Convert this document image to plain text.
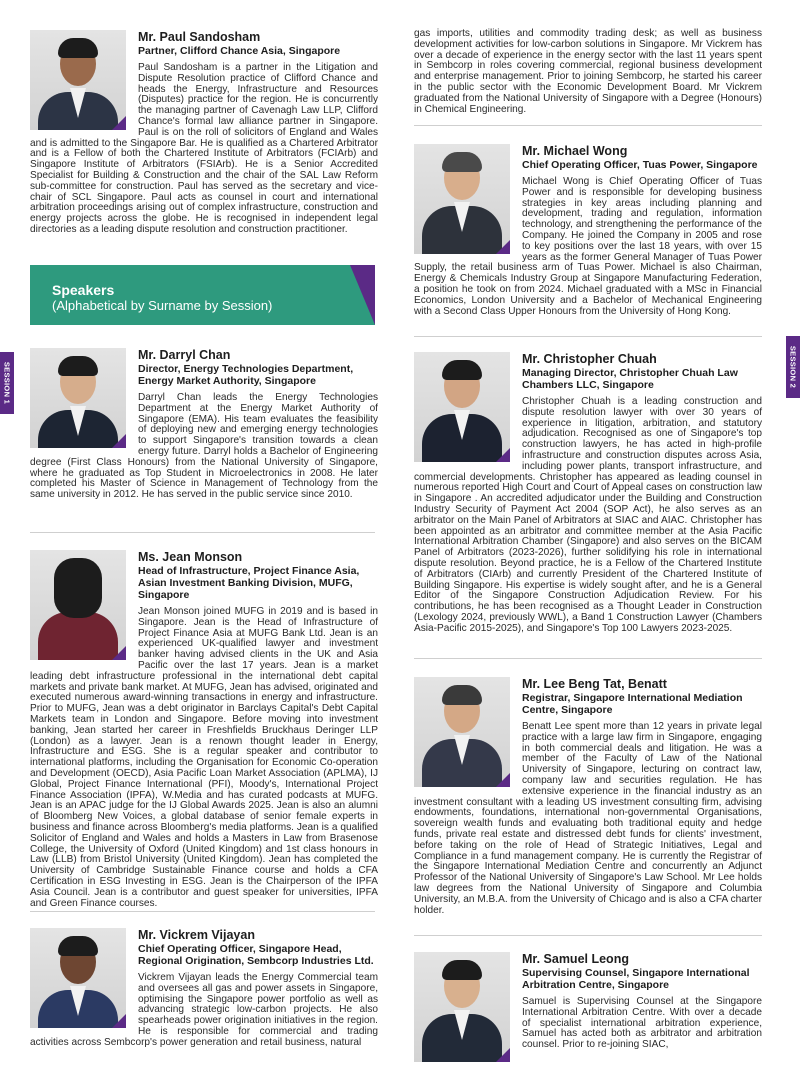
SESSION 1	SESSION 2
Speakers
(Alphabetical by Surname by Session)

Mr. Paul Sandosham

Partner, Clifford Chance Asia, Singapore

Paul Sandosham is a partner in the Litigation and Dispute Resolution practice of Clifford Chance and heads the Energy, Infrastructure and Resources (Disputes) practice for the region. He is concurrently the managing partner of Cavenagh Law LLP, Clifford Chance's formal law alliance partner in Singapore. Paul is on the roll of solicitors of England and Wales and is admitted to the Singapore Bar. He is qualified as a Chartered Arbitrator and is a Fellow of both the Chartered Institute of Arbitrators (FCIArb) and Singapore Institute of Arbitrators (FSIArb). He is a Senior Accredited Specialist for Building & Construction and the chair of the SAL Law Reform sub-committee for construction. Paul has served as the secretary and vice-chair of SCL Singapore. Paul acts as counsel in court and international arbitration proceedings arising out of complex infrastructure, construction and energy projects across the globe. He is recognised in independent legal directories as a leading dispute resolution and construction practitioner.

Mr. Darryl Chan

Director, Energy Technologies Department, Energy Market Authority, Singapore

Darryl Chan leads the Energy Technologies Department at the Energy Market Authority of Singapore (EMA). His team evaluates the feasibility of deploying new and emerging energy technologies to support Singapore's transition towards a clean energy future. Darryl holds a Bachelor of Engineering degree (First Class Honours) from the National University of Singapore, where he graduated as Top Student in Microelectronics in 2008. He later completed his Master of Science in Management of Technology from the same university in 2012. He has served in the public service since 2010.

Ms. Jean Monson

Head of Infrastructure, Project Finance Asia, Asian Investment Banking Division, MUFG, Singapore

Jean Monson joined MUFG in 2019 and is based in Singapore. Jean is the Head of Infrastructure of Project Finance Asia at MUFG Bank Ltd. Jean is an experienced UK-qualified lawyer and investment banker having advised clients in the UK and Asia Pacific over the last 17 years. Jean is a market leading debt infrastructure professional in the international debt capital markets and private bank market. At MUFG, Jean has advised, originated and executed numerous award-winning transactions in energy and infrastructure. Prior to MUFG, Jean was a debt originator in Barclays Capital's Debt Capital Markets team in London and Singapore. Before moving into investment banking, Jean started her career in Freshfields Bruckhaus Deringer LLP (London) as a lawyer. Jean is a renown thought leader in Energy, Infrastructure and ESG. She is a regular speaker and contributor to international platforms, including the Organisation for Economic Co-operation and Development (OECD), Asia Pacific Loan Market Association (APLMA), IJ Global, Project Finance International (PFI), Moody's, International Project Finance Association (IPFA), W.Media and has curated podcasts at MUFG. Jean is an APAC judge for the IJ Global Awards 2025. Jean is also an alumni of Bloomberg New Voices, a global database of senior female experts in business and finance across Bloomberg's media platforms. Jean is a qualified Solicitor of England and Wales and holds a Masters in Law from Brasenose College, the University of Oxford (United Kingdom) and 1st class honours in Law (LLB) from Bristol University (United Kingdom). Jean has completed the University of Cambridge Sustainable Finance course and holds a CFA Certification in ESG Investing in ESG. Jean is the Chairperson of the IPFA Asia Council. Jean is a contributor and guest speaker for universities, IPFA and Green Finance courses.

Mr. Vickrem Vijayan

Chief Operating Officer, Singapore Head, Regional Origination, Sembcorp Industries Ltd.

Vickrem Vijayan leads the Energy Commercial team and oversees all gas and power assets in Singapore, optimising the Singapore power portfolio as well as advancing strategic low-carbon projects. He also spearheads power origination initiatives in the region. He is responsible for commercial and trading activities across Sembcorp's power generation and retail business, natural

gas imports, utilities and commodity trading desk; as well as business development activities for low-carbon solutions in Singapore. Mr Vickrem has over a decade of experience in the energy sector with the last 11 years spent in Sembcorp in roles covering commercial, regional business development and enterprise management. Prior to joining Sembcorp, he started his career in the public sector with the Economic Development Board. Mr Vickrem graduated from the National University of Singapore with a Degree (Honours) in Chemical Engineering.

Mr. Michael Wong

Chief Operating Officer, Tuas Power, Singapore

Michael Wong is Chief Operating Officer of Tuas Power and is responsible for developing business strategies in key areas including planning and development, trading and regulation, information technology, and strengthening the performance of the Company. He joined the Company in 2005 and rose to key positions over the last 18 years, with over 15 years as the former General Manager of Tuas Power Supply, the retail business arm of Tuas Power. Michael is also Chairman, Energy & Chemicals Industry Group at Singapore Manufacturing Federation, a position he took on from 2024. Michael graduated with a MSc in Financial Economics, London University and a Bachelor of Mechanical Engineering with a Second Class Upper Honours from the University of Hong Kong.

Mr. Christopher Chuah

Managing Director, Christopher Chuah Law Chambers LLC, Singapore

Christopher Chuah is a leading construction and dispute resolution lawyer with over 30 years of experience in litigation, arbitration, and statutory adjudication. Recognised as one of Singapore's top construction lawyers, he has acted in high-profile infrastructure and construction disputes across Asia, including power plants, transport infrastructure, and commercial developments. Christopher has appeared as leading counsel in numerous reported High Court and Court of Appeal cases on construction law in Singapore . An accredited adjudicator under the Building and Construction Industry Security of Payment Act 2004 (SOP Act), he also serves as an arbitrator on the Main Panel of Arbitrators at SIAC and AIAC. Christopher has been appointed as an arbitrator and committee member at the Asia Pacific International Arbitration Chamber (Singapore) and also serves on the BICAM Panel of Arbitrators (2023-2026), further solidifying his role in international dispute resolution. Beyond practice, he is a Fellow of the Chartered Institute of Arbitrators (CIArb) and currently President of the Chartered Institute of Building Singapore. His expertise is widely sought after, and he is a General Editor of the Singapore Construction Adjudication Review. For his contributions, he has been recognised as a Thought Leader in Construction (Lexology 2024, previously WWL), a Band 1 Construction Lawyer (Chambers Asia-Pacific 2015-2025), and Singapore's Top 100 Lawyers 2023-2025.

Mr. Lee Beng Tat, Benatt

Registrar, Singapore International Mediation Centre, Singapore

Benatt Lee spent more than 12 years in private legal practice with a large law firm in Singapore, engaging in both commercial deals and litigation. He was a member of the Faculty of Law of the National University of Singapore, lecturing on contract law, company law and securities regulation. He has extensive experience in the financial industry as an investment consultant with a leading US investment consulting firm, advising endowments, foundations, international non-governmental Organisations, sovereign wealth funds and evaluating both traditional equity and hedge funds, private real estate and distressed debt funds for clients' investment, before taking on the role of Head of Strategic Initiatives, Legal and Compliance in a fund management company. He is currently the Registrar of the Singapore International Mediation Centre and concurrently an Adjunct Professor of the National University of Singapore's Law School. Mr Lee holds law degrees from the National University of Singapore and Columbia University, an M.B.A. from the University of Chicago and is also a CFA charter holder.

Mr. Samuel Leong

Supervising Counsel, Singapore International Arbitration Centre, Singapore

Samuel is Supervising Counsel at the Singapore International Arbitration Centre. With over a decade of specialist international arbitration experience, Samuel has acted both as arbitrator and arbitration counsel. Prior to re-joining SIAC,
